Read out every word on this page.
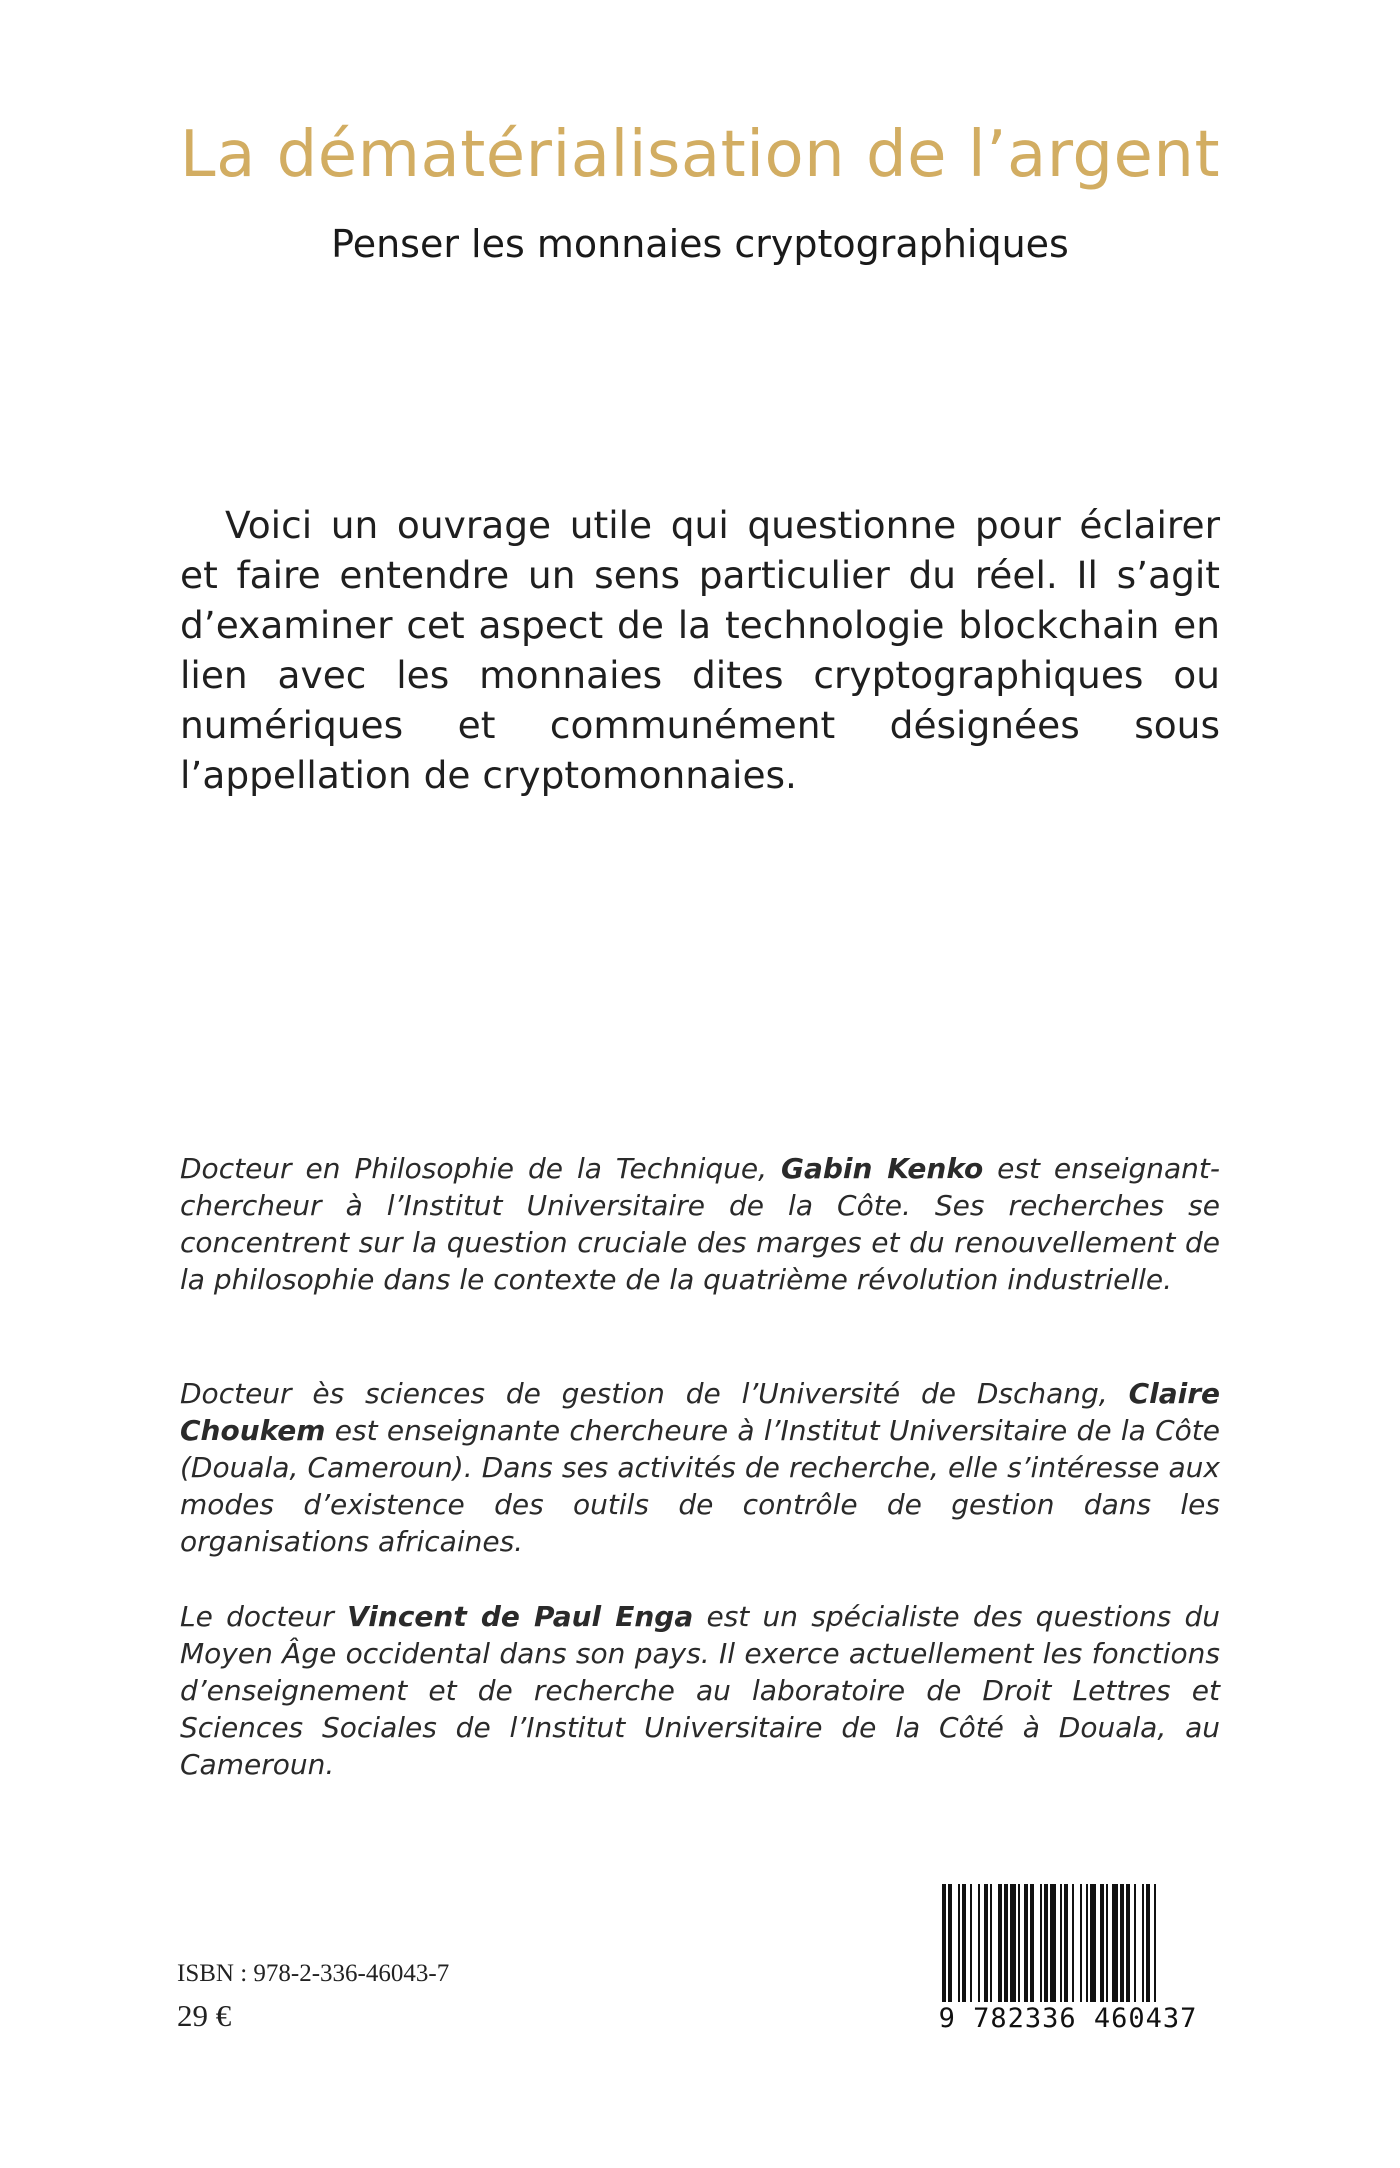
La dématérialisation de l’argent
Penser les monnaies cryptographiques

Voici un ouvrage utile qui questionne pour éclairer et faire entendre un sens particulier du réel. Il s’agit d’examiner cet aspect de la technologie blockchain en lien avec les monnaies dites cryptographiques ou numériques et communément désignées sous l’appellation de cryptomonnaies.

Docteur en Philosophie de la Technique, Gabin Kenko est enseignant-chercheur à l’Institut Universitaire de la Côte. Ses recherches se concentrent sur la question cruciale des marges et du renouvellement de la philosophie dans le contexte de la quatrième révolution industrielle.

Docteur ès sciences de gestion de l’Université de Dschang, Claire Choukem est enseignante chercheure à l’Institut Universitaire de la Côte (Douala, Cameroun). Dans ses activités de recherche, elle s’intéresse aux modes d’existence des outils de contrôle de gestion dans les organisations africaines.

Le docteur Vincent de Paul Enga est un spécialiste des questions du Moyen Âge occidental dans son pays. Il exerce actuellement les fonctions d’enseignement et de recherche au laboratoire de Droit Lettres et Sciences Sociales de l’Institut Universitaire de la Côté à Douala, au Cameroun.

ISBN : 978-2-336-46043-7
29 €	9 782336 460437
